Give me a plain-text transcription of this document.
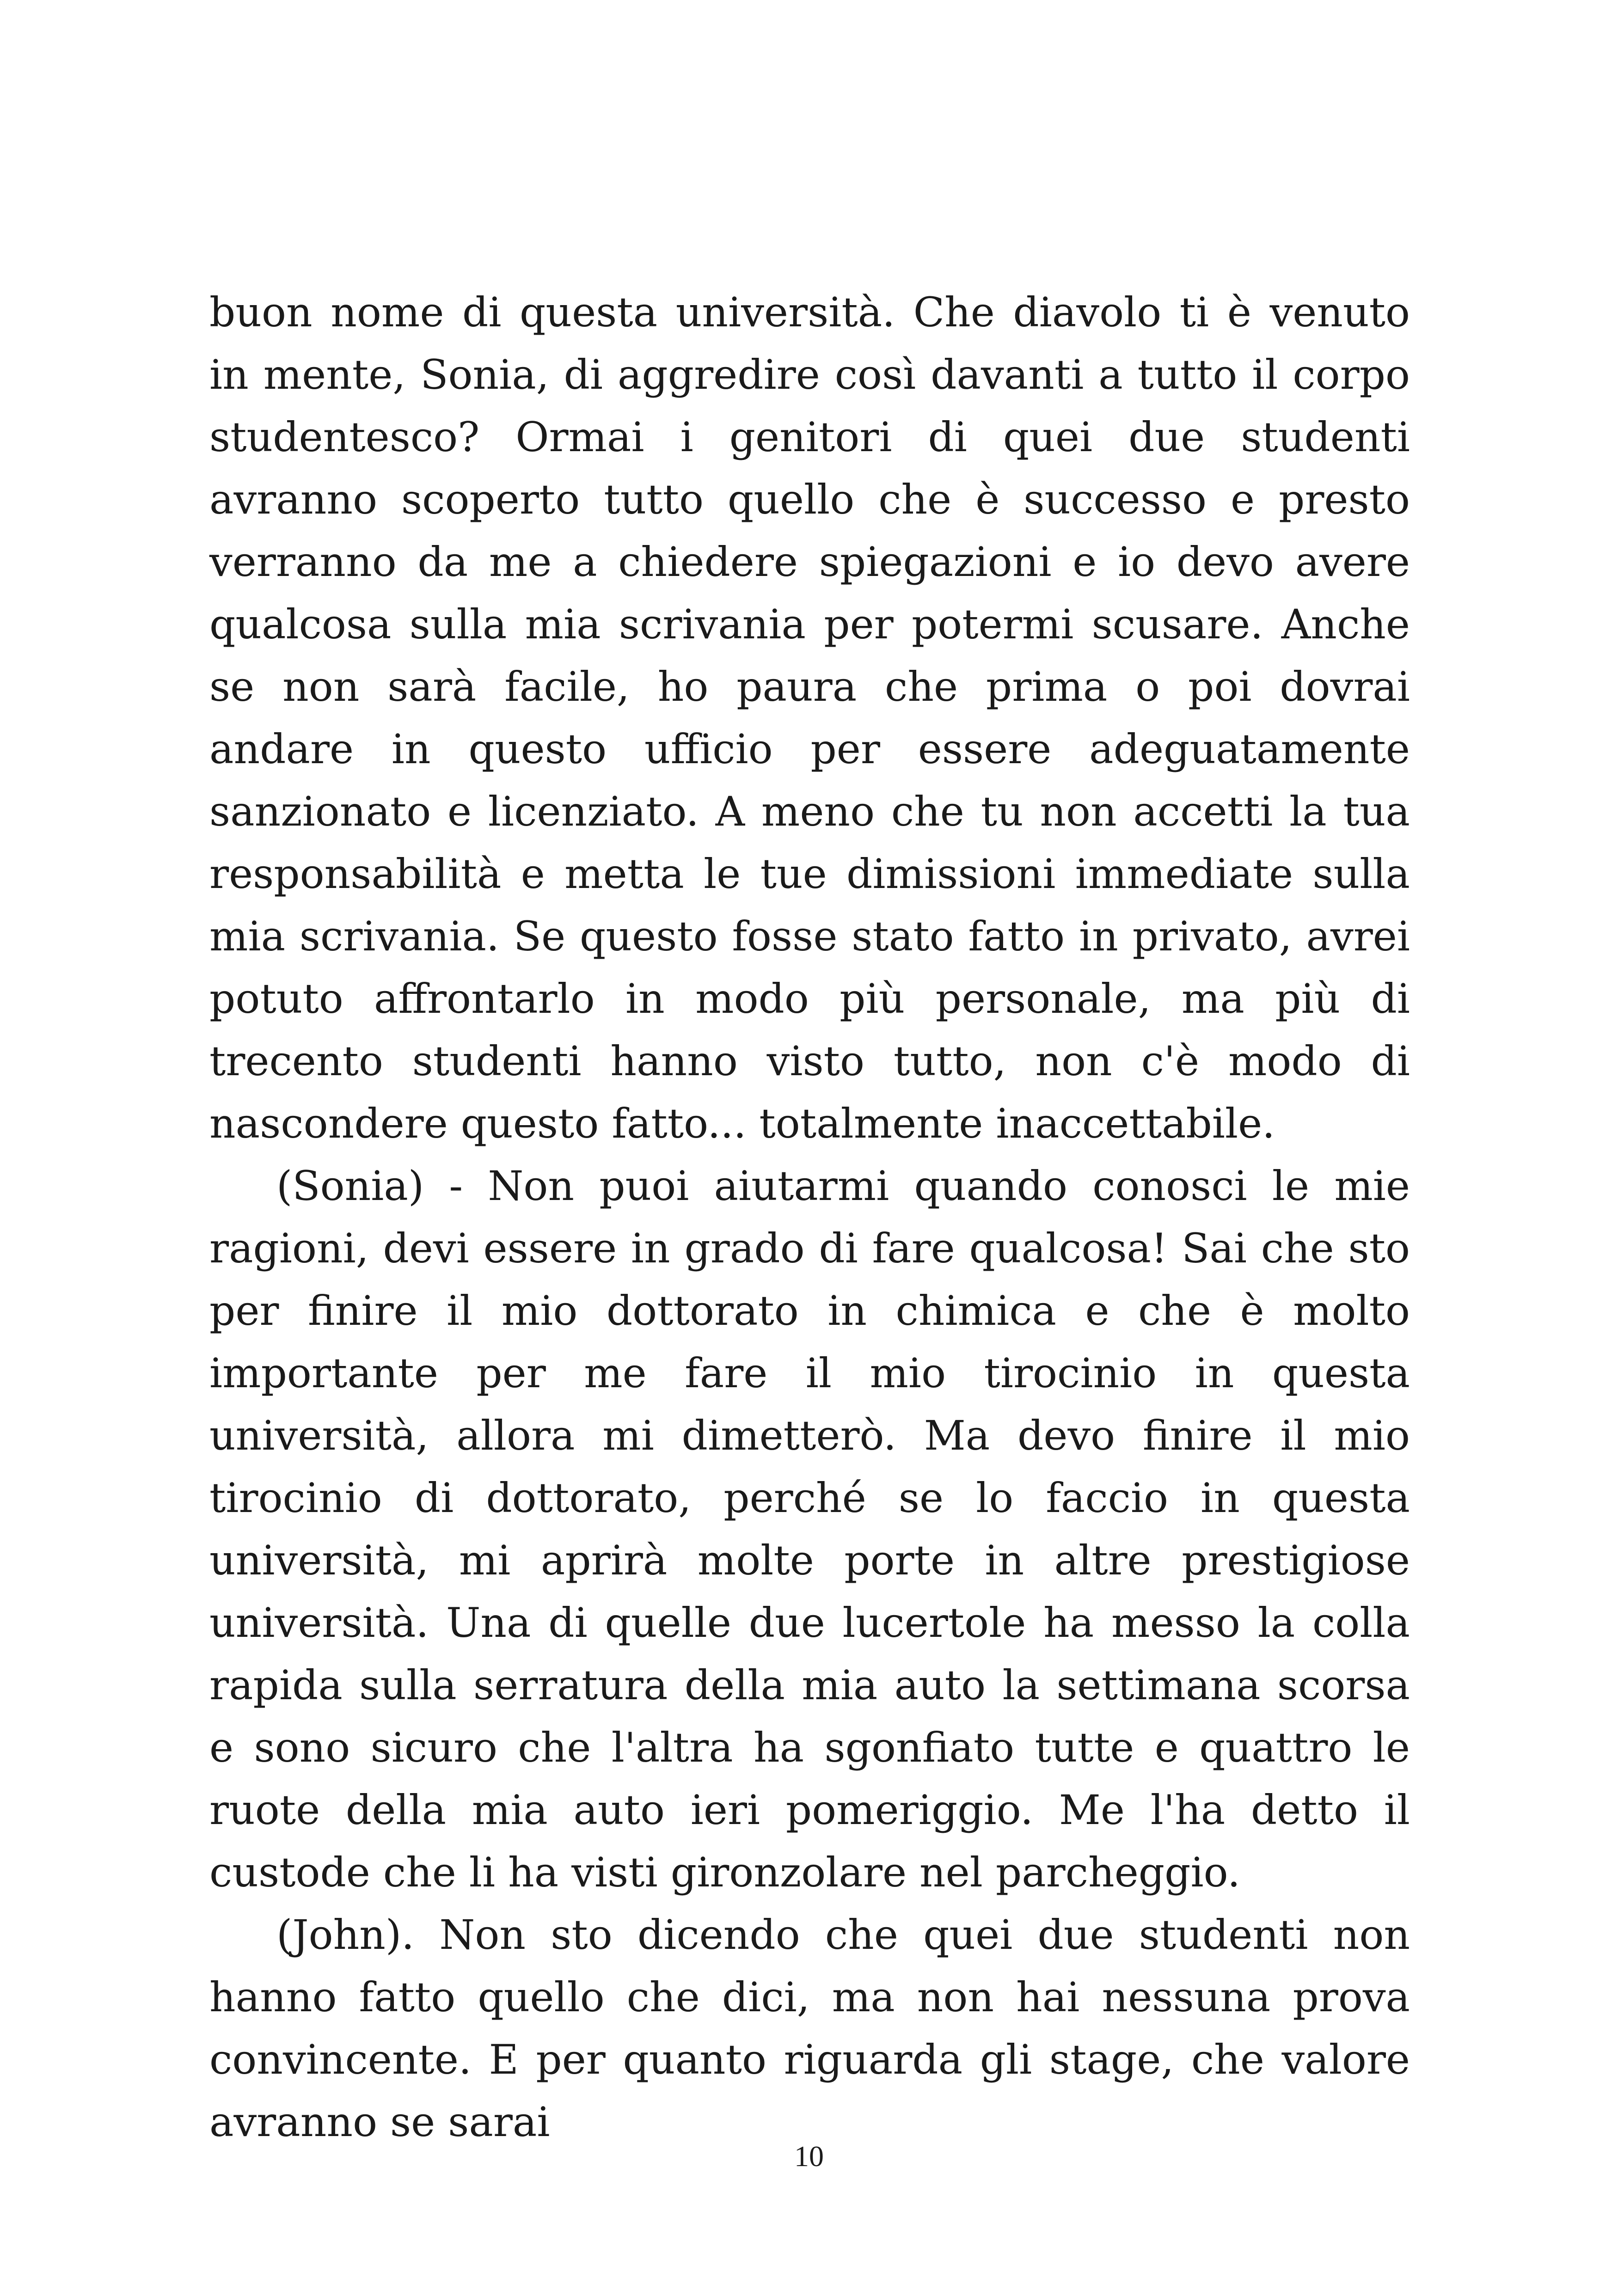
buon nome di questa università. Che diavolo ti è venuto in mente, Sonia, di aggredire così davanti a tutto il corpo studentesco? Ormai i genitori di quei due studenti avranno scoperto tutto quello che è successo e presto verranno da me a chiedere spiegazioni e io devo avere qualcosa sulla mia scrivania per potermi scusare. Anche se non sarà facile, ho paura che prima o poi dovrai andare in questo ufficio per essere adeguatamente sanzionato e licenziato. A meno che tu non accetti la tua responsabilità e metta le tue dimissioni immediate sulla mia scrivania. Se questo fosse stato fatto in privato, avrei potuto affrontarlo in modo più personale, ma più di trecento studenti hanno visto tutto, non c'è modo di nascondere questo fatto... totalmente inaccettabile.

(Sonia) - Non puoi aiutarmi quando conosci le mie ragioni, devi essere in grado di fare qualcosa! Sai che sto per finire il mio dottorato in chimica e che è molto importante per me fare il mio tirocinio in questa università, allora mi dimetterò. Ma devo finire il mio tirocinio di dottorato, perché se lo faccio in questa università, mi aprirà molte porte in altre prestigiose università. Una di quelle due lucertole ha messo la colla rapida sulla serratura della mia auto la settimana scorsa e sono sicuro che l'altra ha sgonfiato tutte e quattro le ruote della mia auto ieri pomeriggio. Me l'ha detto il custode che li ha visti gironzolare nel parcheggio.

(John). Non sto dicendo che quei due studenti non hanno fatto quello che dici, ma non hai nessuna prova convincente. E per quanto riguarda gli stage, che valore avranno se sarai

10
